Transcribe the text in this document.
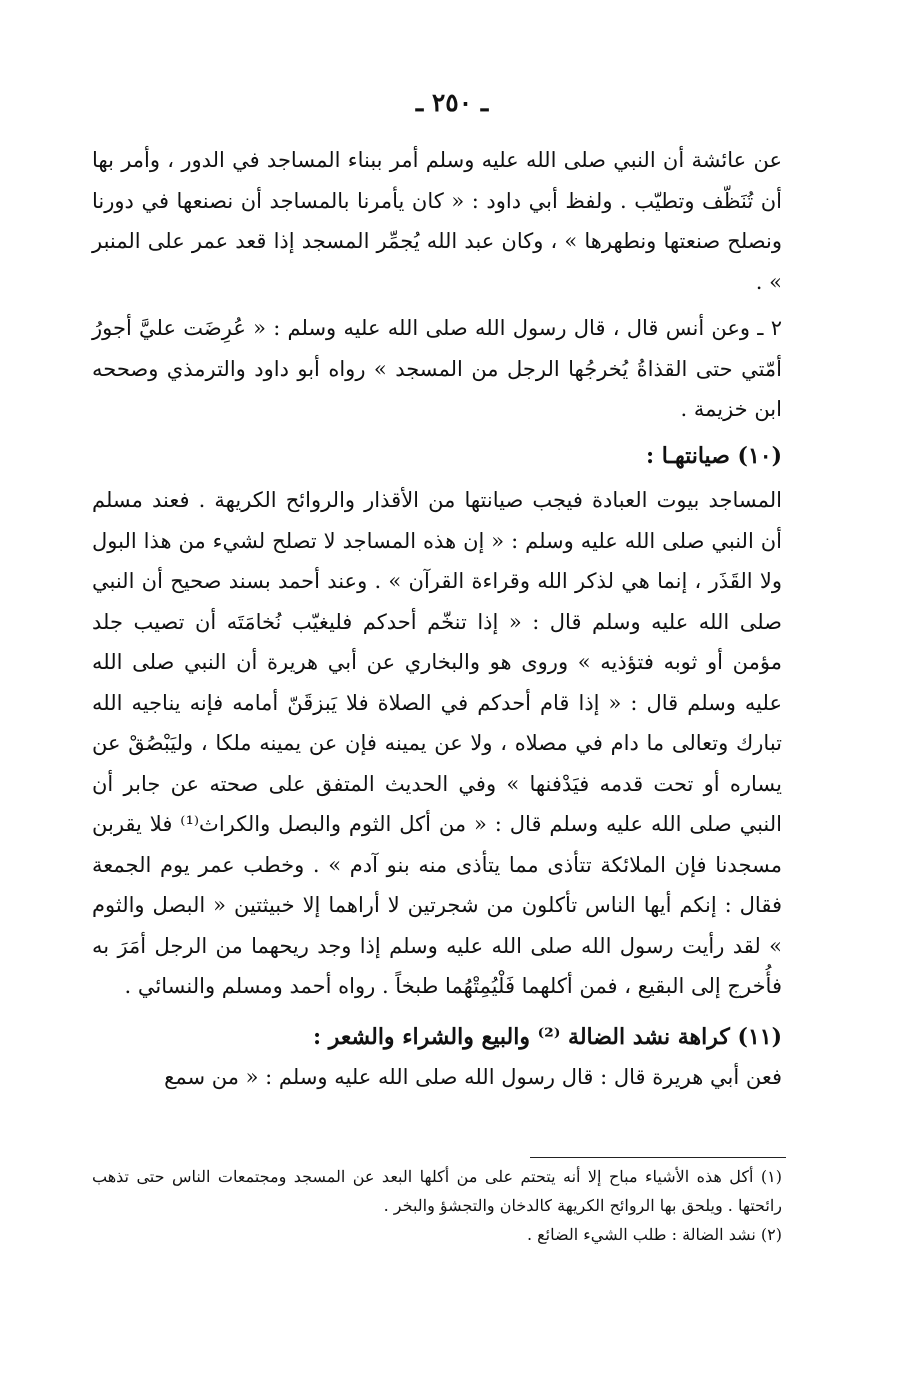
ـ ٢٥٠ ـ

عن عائشة أن النبي صلى الله عليه وسلم أمر ببناء المساجد في الدور ، وأمر بها أن تُنَظّف وتطيّب . ولفظ أبي داود : « كان يأمرنا بالمساجد أن نصنعها في دورنا ونصلح صنعتها ونطهرها » ، وكان عبد الله يُجمِّر المسجد إذا قعد عمر على المنبر » .

٢ ـ وعن أنس قال ، قال رسول الله صلى الله عليه وسلم : « عُرِضَت عليَّ أجورُ أمّتي حتى القذاةُ يُخرجُها الرجل من المسجد » رواه أبو داود والترمذي وصححه ابن خزيمة .

(١٠) صيانتهـا :

المساجد بيوت العبادة فيجب صيانتها من الأقذار والروائح الكريهة . فعند مسلم أن النبي صلى الله عليه وسلم : « إن هذه المساجد لا تصلح لشيء من هذا البول ولا القَذَر ، إنما هي لذكر الله وقراءة القرآن » . وعند أحمد بسند صحيح أن النبي صلى الله عليه وسلم قال : « إذا تنخّم أحدكم فليغيّب نُخامَتَه أن تصيب جلد مؤمن أو ثوبه فتؤذيه » وروى هو والبخاري عن أبي هريرة أن النبي صلى الله عليه وسلم قال : « إذا قام أحدكم في الصلاة فلا يَبزقَنّ أمامه فإنه يناجيه الله تبارك وتعالى ما دام في مصلاه ، ولا عن يمينه فإن عن يمينه ملكا ، وليَبْصُقْ عن يساره أو تحت قدمه فيَدْفنها » وفي الحديث المتفق على صحته عن جابر أن النبي صلى الله عليه وسلم قال : « من أكل الثوم والبصل والكراث⁽¹⁾ فلا يقربن مسجدنا فإن الملائكة تتأذى مما يتأذى منه بنو آدم » . وخطب عمر يوم الجمعة فقال : إنكم أيها الناس تأكلون من شجرتين لا أراهما إلا خبيثتين « البصل والثوم » لقد رأيت رسول الله صلى الله عليه وسلم إذا وجد ريحهما من الرجل أمَرَ به فأُخرج إلى البقيع ، فمن أكلهما فَلْيُمِتْهُما طبخاً . رواه أحمد ومسلم والنسائي .

(١١) كراهة نشد الضالة ⁽²⁾ والبيع والشراء والشعر :

فعن أبي هريرة قال : قال رسول الله صلى الله عليه وسلم : « من سمع

(١) أكل هذه الأشياء مباح إلا أنه يتحتم على من أكلها البعد عن المسجد ومجتمعات الناس حتى تذهب رائحتها . ويلحق بها الروائح الكريهة كالدخان والتجشؤ والبخر .

(٢) نشد الضالة : طلب الشيء الضائع .
